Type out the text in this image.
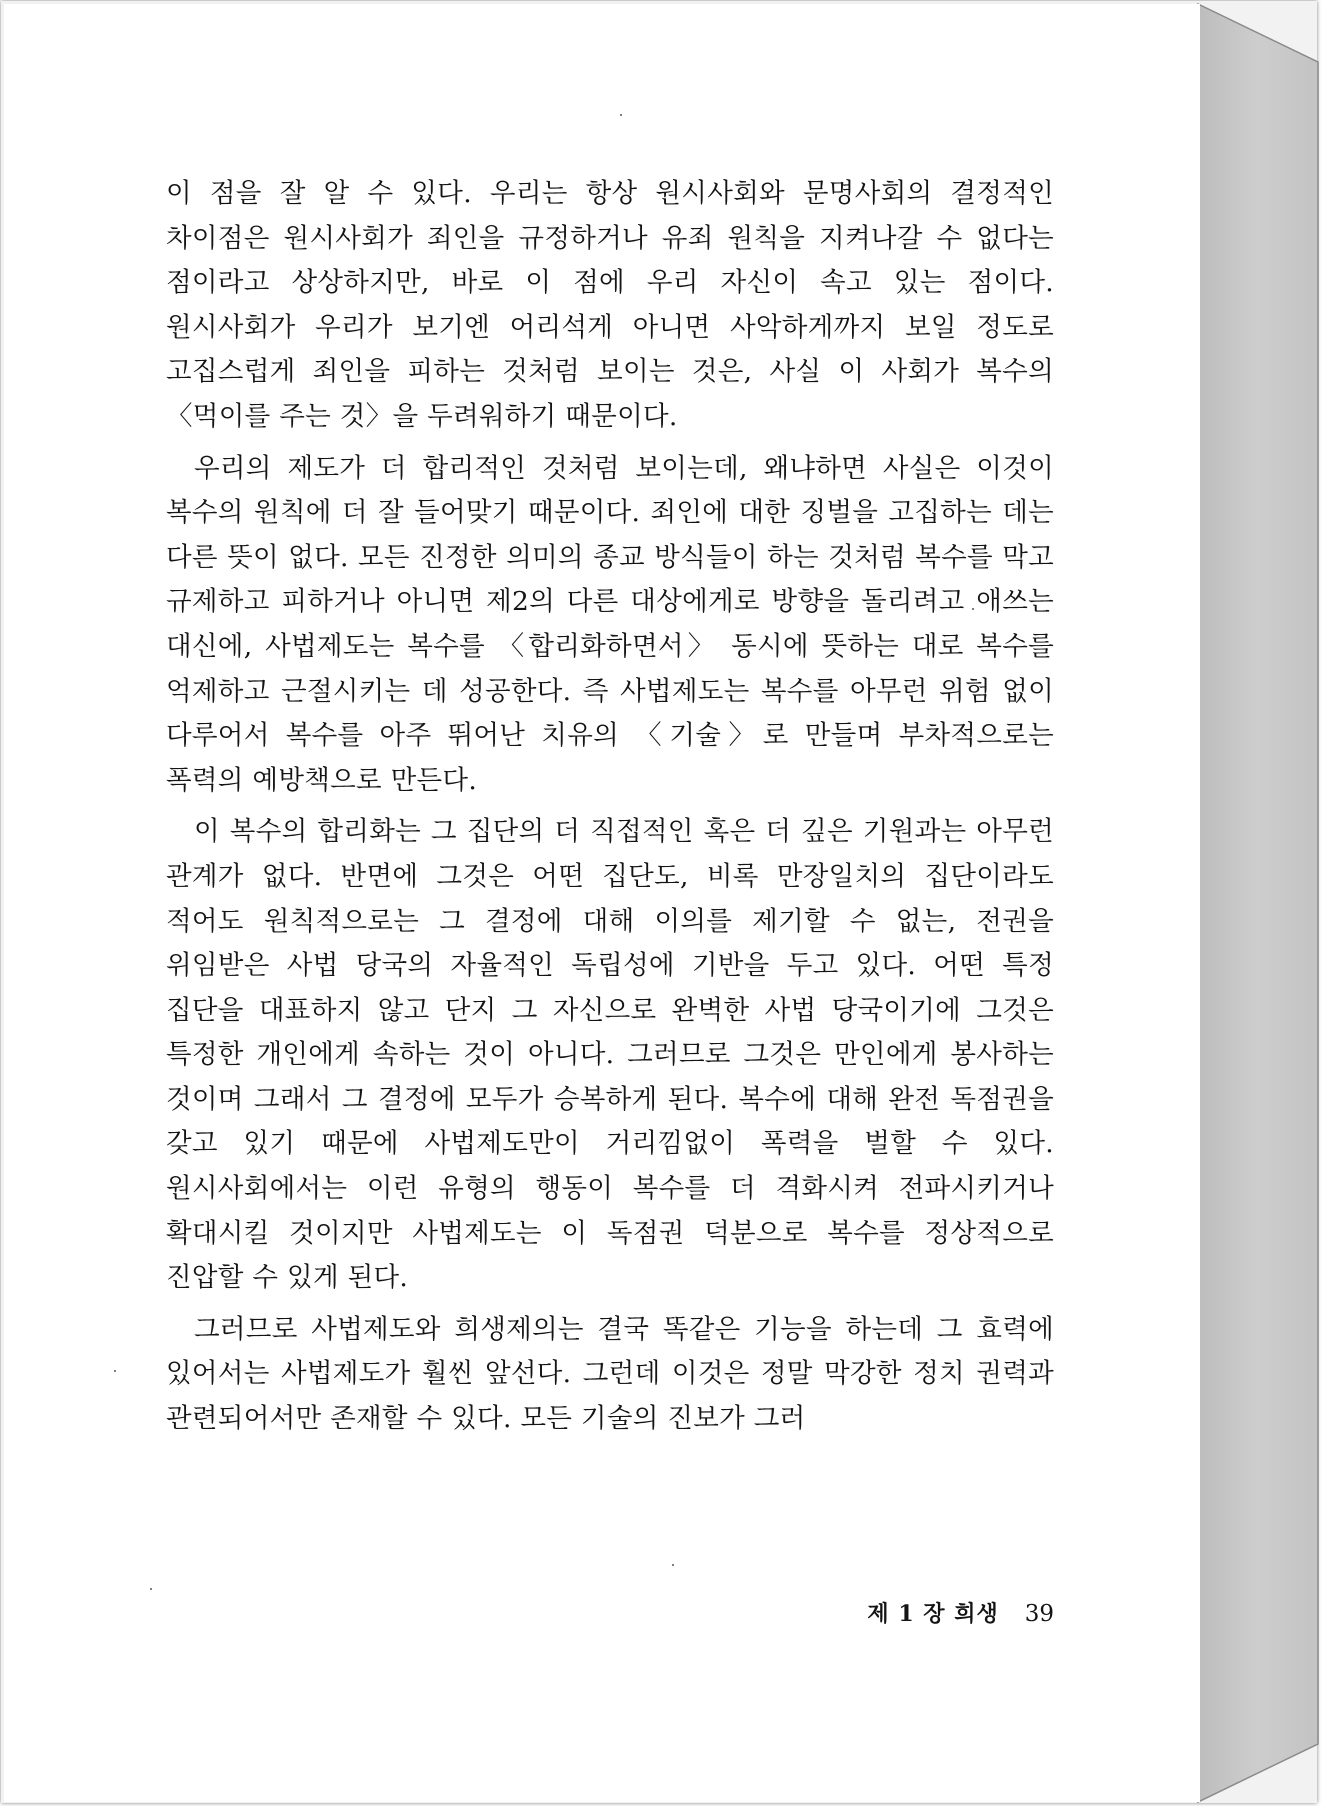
이 점을 잘 알 수 있다. 우리는 항상 원시사회와 문명사회의 결정적인 차이점은 원시사회가 죄인을 규정하거나 유죄 원칙을 지켜나갈 수 없다는 점이라고 상상하지만, 바로 이 점에 우리 자신이 속고 있는 점이다. 원시사회가 우리가 보기엔 어리석게 아니면 사악하게까지 보일 정도로 고집스럽게 죄인을 피하는 것처럼 보이는 것은, 사실 이 사회가 복수의 〈먹이를 주는 것〉을 두려워하기 때문이다.

우리의 제도가 더 합리적인 것처럼 보이는데, 왜냐하면 사실은 이것이 복수의 원칙에 더 잘 들어맞기 때문이다. 죄인에 대한 징벌을 고집하는 데는 다른 뜻이 없다. 모든 진정한 의미의 종교 방식들이 하는 것처럼 복수를 막고 규제하고 피하거나 아니면 제2의 다른 대상에게로 방향을 돌리려고 애쓰는 대신에, 사법제도는 복수를 〈합리화하면서〉 동시에 뜻하는 대로 복수를 억제하고 근절시키는 데 성공한다. 즉 사법제도는 복수를 아무런 위험 없이 다루어서 복수를 아주 뛰어난 치유의 〈기술〉로 만들며 부차적으로는 폭력의 예방책으로 만든다.

이 복수의 합리화는 그 집단의 더 직접적인 혹은 더 깊은 기원과는 아무런 관계가 없다. 반면에 그것은 어떤 집단도, 비록 만장일치의 집단이라도 적어도 원칙적으로는 그 결정에 대해 이의를 제기할 수 없는, 전권을 위임받은 사법 당국의 자율적인 독립성에 기반을 두고 있다. 어떤 특정 집단을 대표하지 않고 단지 그 자신으로 완벽한 사법 당국이기에 그것은 특정한 개인에게 속하는 것이 아니다. 그러므로 그것은 만인에게 봉사하는 것이며 그래서 그 결정에 모두가 승복하게 된다. 복수에 대해 완전 독점권을 갖고 있기 때문에 사법제도만이 거리낌없이 폭력을 벌할 수 있다. 원시사회에서는 이런 유형의 행동이 복수를 더 격화시켜 전파시키거나 확대시킬 것이지만 사법제도는 이 독점권 덕분으로 복수를 정상적으로 진압할 수 있게 된다.

그러므로 사법제도와 희생제의는 결국 똑같은 기능을 하는데 그 효력에 있어서는 사법제도가 훨씬 앞선다. 그런데 이것은 정말 막강한 정치 권력과 관련되어서만 존재할 수 있다. 모든 기술의 진보가 그러

제 1 장 희생 39
